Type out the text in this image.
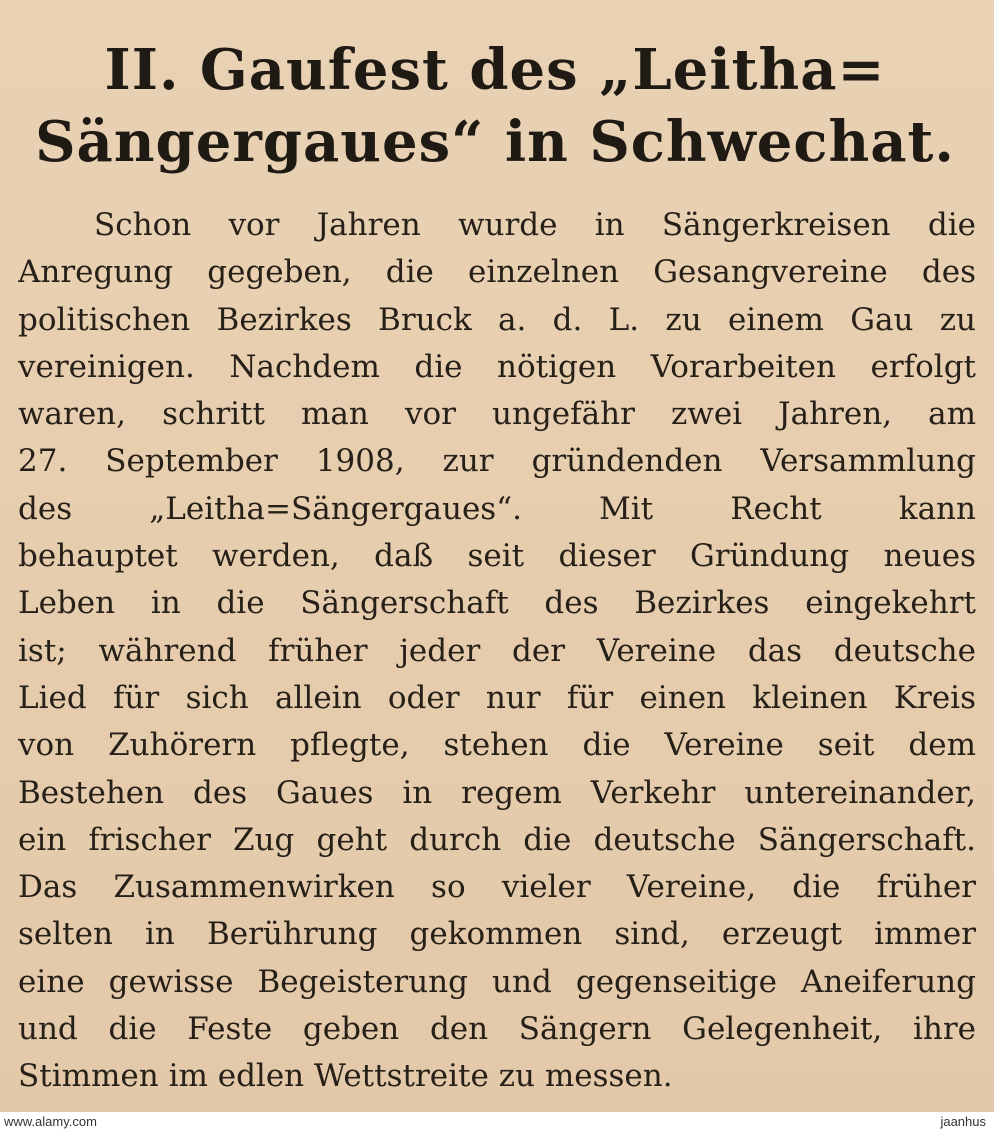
II. Gaufest des „Leitha=
Sängergaues“ in Schwechat.
Schon vor Jahren wurde in Sängerkreisen die
Anregung gegeben, die einzelnen Gesangvereine des
politischen Bezirkes Bruck a. d. L. zu einem Gau zu
vereinigen. Nachdem die nötigen Vorarbeiten erfolgt
waren, schritt man vor ungefähr zwei Jahren, am
27. September 1908, zur gründenden Versammlung
des „Leitha=Sängergaues“. Mit Recht kann
behauptet werden, daß seit dieser Gründung neues
Leben in die Sängerschaft des Bezirkes eingekehrt
ist; während früher jeder der Vereine das deutsche
Lied für sich allein oder nur für einen kleinen Kreis
von Zuhörern pflegte, stehen die Vereine seit dem
Bestehen des Gaues in regem Verkehr untereinander,
ein frischer Zug geht durch die deutsche Sängerschaft.
Das Zusammenwirken so vieler Vereine, die früher
selten in Berührung gekommen sind, erzeugt immer
eine gewisse Begeisterung und gegenseitige Aneiferung
und die Feste geben den Sängern Gelegenheit, ihre
Stimmen im edlen Wettstreite zu messen.
www.alamy.com	jaanhus
